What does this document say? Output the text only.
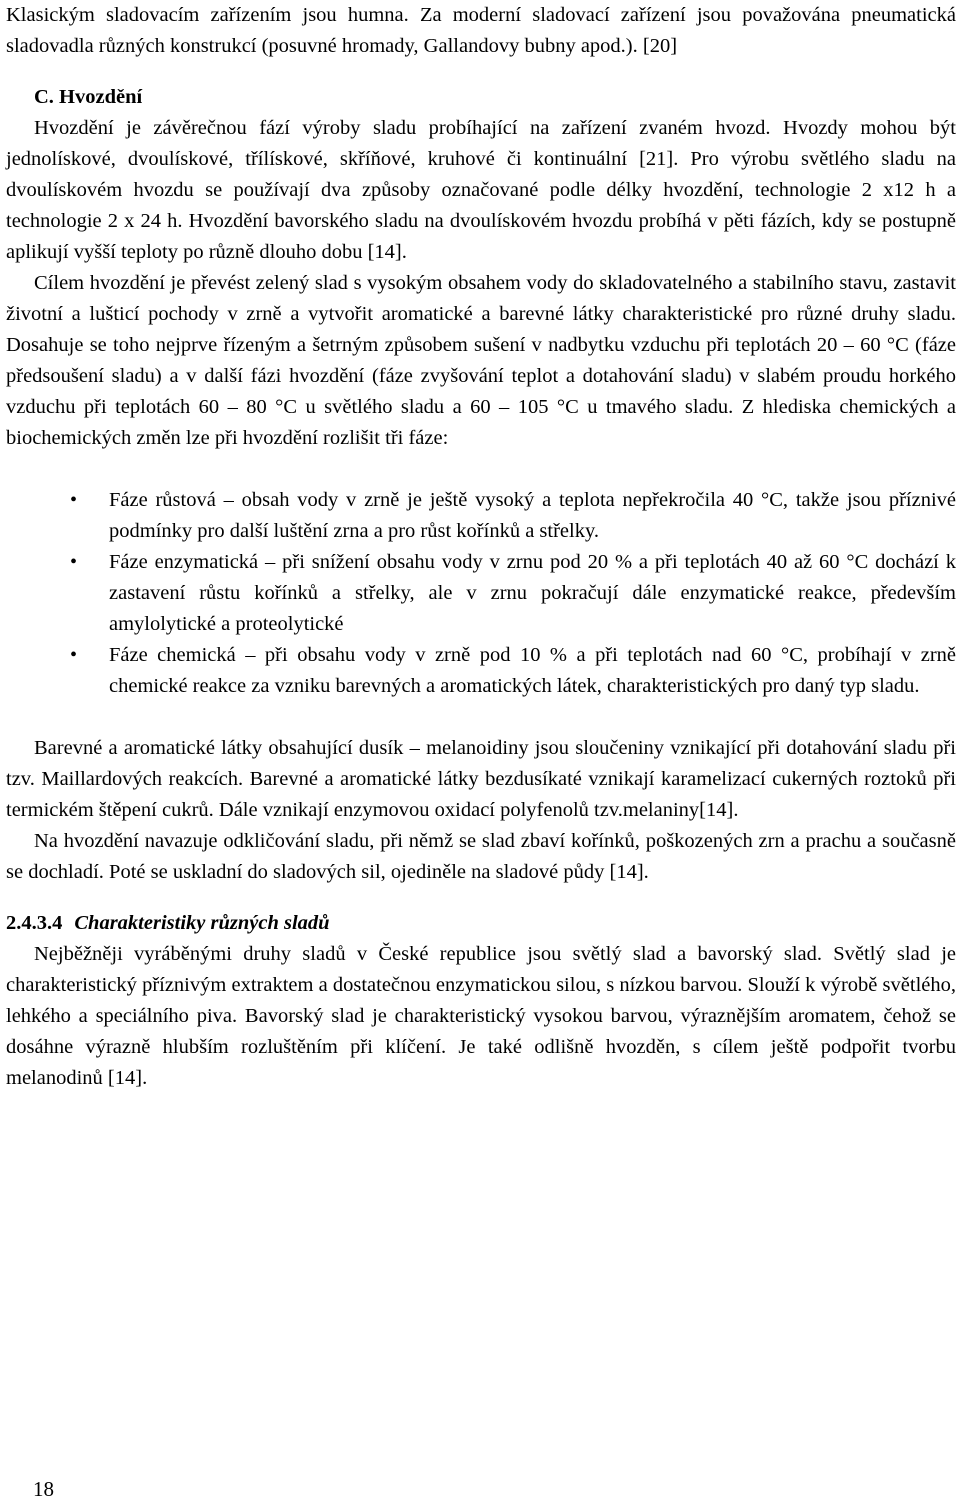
Klasickým sladovacím zařízením jsou humna. Za moderní sladovací zařízení jsou považována pneumatická sladovadla různých konstrukcí (posuvné hromady, Gallandovy bubny apod.). [20]

C. Hvozdění

Hvozdění je závěrečnou fází výroby sladu probíhající na zařízení zvaném hvozd. Hvozdy mohou být jednolískové, dvoulískové, třílískové, skříňové, kruhové či kontinuální [21]. Pro výrobu světlého sladu na dvoulískovém hvozdu se používají dva způsoby označované podle délky hvozdění, technologie 2 x12 h a technologie 2 x 24 h. Hvozdění bavorského sladu na dvoulískovém hvozdu probíhá v pěti fázích, kdy se postupně aplikují vyšší teploty po různě dlouho dobu [14].

Cílem hvozdění je převést zelený slad s vysokým obsahem vody do skladovatelného a stabilního stavu, zastavit životní a lušticí pochody v zrně a vytvořit aromatické a barevné látky charakteristické pro různé druhy sladu. Dosahuje se toho nejprve řízeným a šetrným způsobem sušení v nadbytku vzduchu při teplotách 20 – 60 °C (fáze předsoušení sladu) a v další fázi hvozdění (fáze zvyšování teplot a dotahování sladu) v slabém proudu horkého vzduchu při teplotách 60 – 80 °C u světlého sladu a 60 – 105 °C u tmavého sladu. Z hlediska chemických a biochemických změn lze při hvozdění rozlišit tři fáze:

• Fáze růstová – obsah vody v zrně je ještě vysoký a teplota nepřekročila 40 °C, takže jsou příznivé podmínky pro další luštění zrna a pro růst kořínků a střelky.
• Fáze enzymatická – při snížení obsahu vody v zrnu pod 20 % a při teplotách 40 až 60 °C dochází k zastavení růstu kořínků a střelky, ale v zrnu pokračují dále enzymatické reakce, především amylolytické a proteolytické
• Fáze chemická – při obsahu vody v zrně pod 10 % a při teplotách nad 60 °C, probíhají v zrně chemické reakce za vzniku barevných a aromatických látek, charakteristických pro daný typ sladu.

Barevné a aromatické látky obsahující dusík – melanoidiny jsou sloučeniny vznikající při dotahování sladu při tzv. Maillardových reakcích. Barevné a aromatické látky bezdusíkaté vznikají karamelizací cukerných roztoků při termickém štěpení cukrů. Dále vznikají enzymovou oxidací polyfenolů tzv.melaniny[14].

Na hvozdění navazuje odkličování sladu, při němž se slad zbaví kořínků, poškozených zrn a prachu a současně se dochladí. Poté se uskladní do sladových sil, ojediněle na sladové půdy [14].

2.4.3.4 Charakteristiky různých sladů

Nejběžněji vyráběnými druhy sladů v České republice jsou světlý slad a bavorský slad. Světlý slad je charakteristický příznivým extraktem a dostatečnou enzymatickou silou, s nízkou barvou. Slouží k výrobě světlého, lehkého a speciálního piva. Bavorský slad je charakteristický vysokou barvou, výraznějším aromatem, čehož se dosáhne výrazně hlubším rozluštěním při klíčení. Je také odlišně hvozděn, s cílem ještě podpořit tvorbu melanodinů [14].

18
